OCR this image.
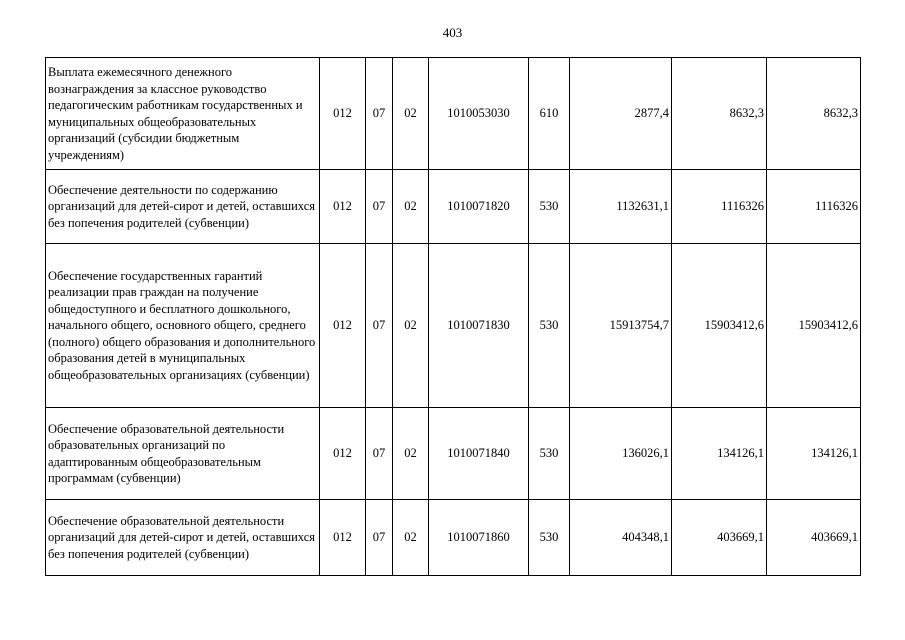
403
Выплата ежемесячного денежного вознаграждения за классное руководство педагогическим работникам государственных и муниципальных общеобразовательных организаций (субсидии бюджетным учреждениям)	012	07	02	1010053030	610	2877,4	8632,3	8632,3
Обеспечение деятельности по содержанию организаций для детей-сирот и детей, оставшихся без попечения родителей (субвенции)	012	07	02	1010071820	530	1132631,1	1116326	1116326
Обеспечение государственных гарантий реализации прав граждан на получение общедоступного и бесплатного дошкольного, начального общего, основного общего, среднего (полного) общего образования и дополнительного образования детей в муниципальных общеобразовательных организациях (субвенции)	012	07	02	1010071830	530	15913754,7	15903412,6	15903412,6
Обеспечение образовательной деятельности образовательных организаций по адаптированным общеобразовательным программам (субвенции)	012	07	02	1010071840	530	136026,1	134126,1	134126,1
Обеспечение образовательной деятельности организаций для детей-сирот и детей, оставшихся без попечения родителей (субвенции)	012	07	02	1010071860	530	404348,1	403669,1	403669,1
